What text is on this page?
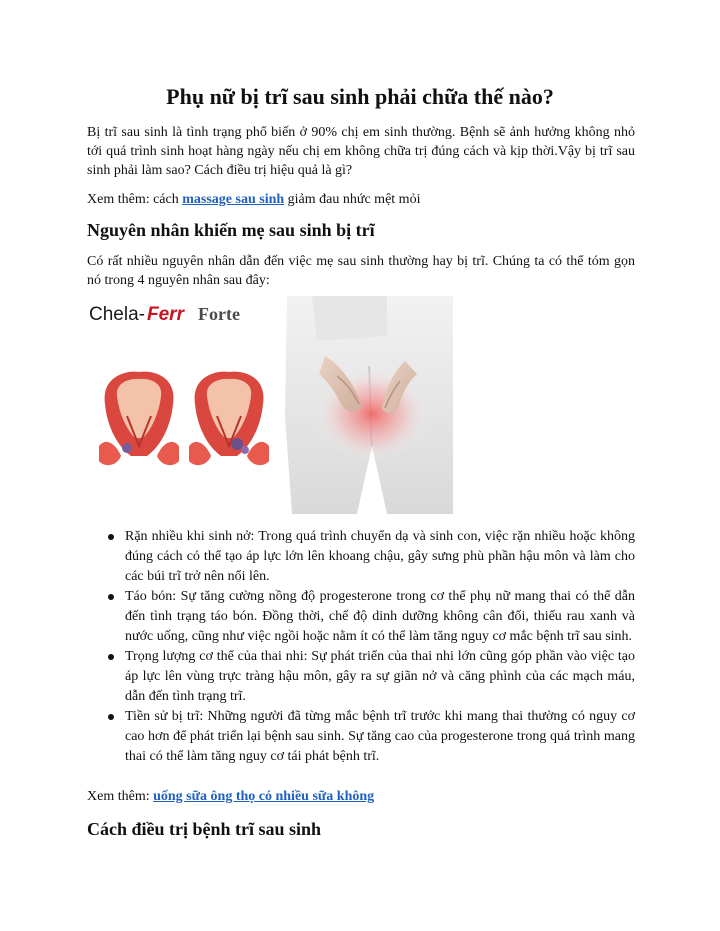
Phụ nữ bị trĩ sau sinh phải chữa thế nào?

Bị trĩ sau sinh là tình trạng phổ biến ở 90% chị em sinh thường. Bệnh sẽ ảnh hưởng không nhỏ tới quá trình sinh hoạt hàng ngày nếu chị em không chữa trị đúng cách và kịp thời.Vậy bị trĩ sau sinh phải làm sao? Cách điều trị hiệu quả là gì?

Xem thêm: cách massage sau sinh giảm đau nhức mệt mỏi

Nguyên nhân khiến mẹ sau sinh bị trĩ

Có rất nhiều nguyên nhân dẫn đến việc mẹ sau sinh thường hay bị trĩ. Chúng ta có thể tóm gọn nó trong 4 nguyên nhân sau đây:

Chela- Ferr Forte
Rặn nhiều khi sinh nở: Trong quá trình chuyển dạ và sinh con, việc rặn nhiều hoặc không đúng cách có thể tạo áp lực lớn lên khoang chậu, gây sưng phù phần hậu môn và làm cho các búi trĩ trở nên nổi lên.
Táo bón: Sự tăng cường nồng độ progesterone trong cơ thể phụ nữ mang thai có thể dẫn đến tình trạng táo bón. Đồng thời, chế độ dinh dưỡng không cân đối, thiếu rau xanh và nước uống, cũng như việc ngồi hoặc nằm ít có thể làm tăng nguy cơ mắc bệnh trĩ sau sinh.
Trọng lượng cơ thể của thai nhi: Sự phát triển của thai nhi lớn cũng góp phần vào việc tạo áp lực lên vùng trực tràng hậu môn, gây ra sự giãn nở và căng phình của các mạch máu, dẫn đến tình trạng trĩ.
Tiền sử bị trĩ: Những người đã từng mắc bệnh trĩ trước khi mang thai thường có nguy cơ cao hơn để phát triển lại bệnh sau sinh. Sự tăng cao của progesterone trong quá trình mang thai có thể làm tăng nguy cơ tái phát bệnh trĩ.

Xem thêm: uống sữa ông thọ có nhiều sữa không

Cách điều trị bệnh trĩ sau sinh
